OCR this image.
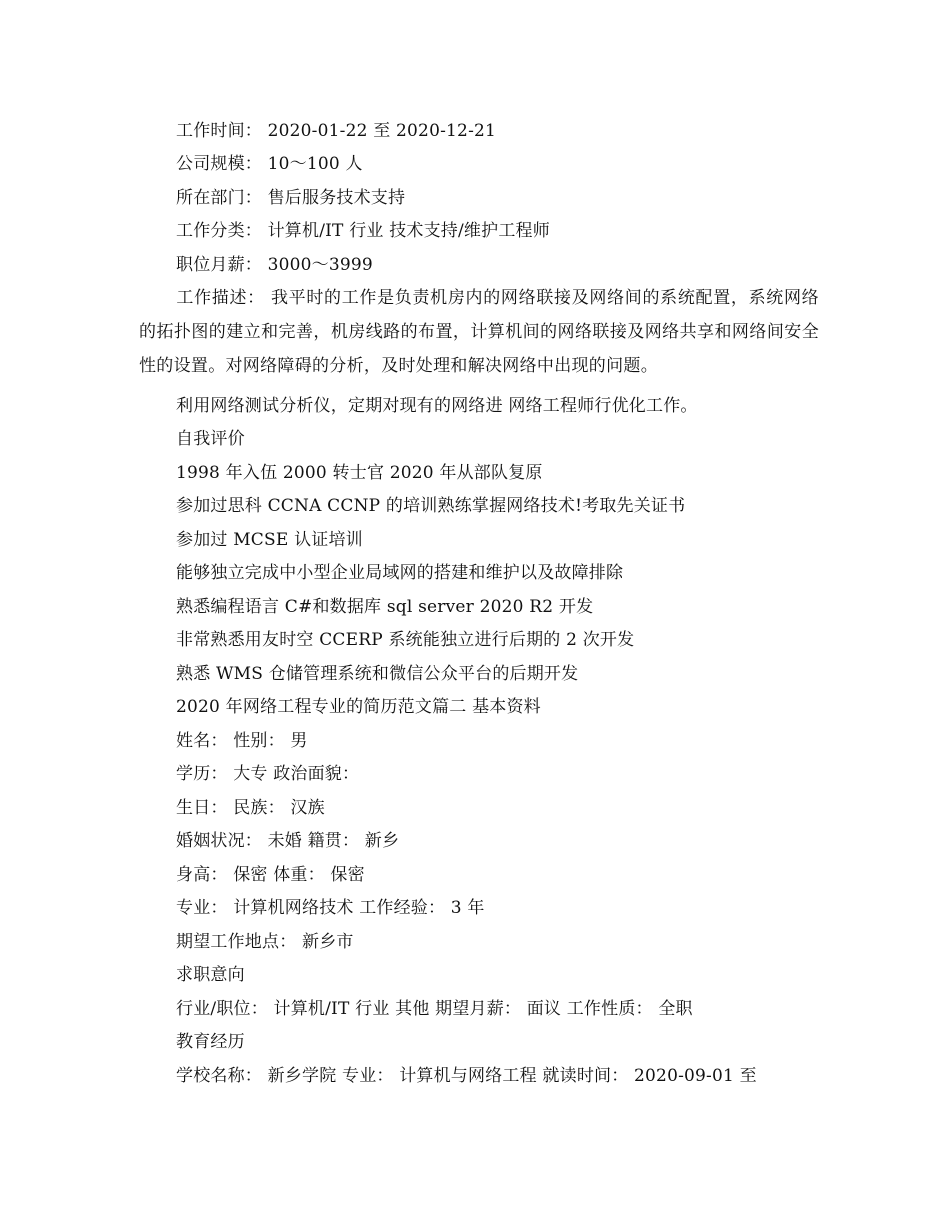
工作时间： 2020-01-22 至 2020-12-21
公司规模： 10～100 人
所在部门： 售后服务技术支持
工作分类： 计算机/IT 行业 技术支持/维护工程师
职位月薪： 3000～3999
工作描述： 我平时的工作是负责机房内的网络联接及网络间的系统配置，系统网络的拓扑图的建立和完善，机房线路的布置，计算机间的网络联接及网络共享和网络间安全性的设置。对网络障碍的分析，及时处理和解决网络中出现的问题。
利用网络测试分析仪，定期对现有的网络进 网络工程师行优化工作。
自我评价
1998 年入伍 2000 转士官 2020 年从部队复原
参加过思科 CCNA CCNP 的培训熟练掌握网络技术!考取先关证书
参加过 MCSE 认证培训
能够独立完成中小型企业局域网的搭建和维护以及故障排除
熟悉编程语言 C#和数据库 sql server 2020 R2 开发
非常熟悉用友时空 CCERP 系统能独立进行后期的 2 次开发
熟悉 WMS 仓储管理系统和微信公众平台的后期开发
2020 年网络工程专业的简历范文篇二 基本资料
姓名： 性别： 男
学历： 大专 政治面貌：
生日： 民族： 汉族
婚姻状况： 未婚 籍贯： 新乡
身高： 保密 体重： 保密
专业： 计算机网络技术 工作经验： 3 年
期望工作地点： 新乡市
求职意向
行业/职位： 计算机/IT 行业 其他 期望月薪： 面议 工作性质： 全职
教育经历
学校名称： 新乡学院 专业： 计算机与网络工程 就读时间： 2020-09-01 至
